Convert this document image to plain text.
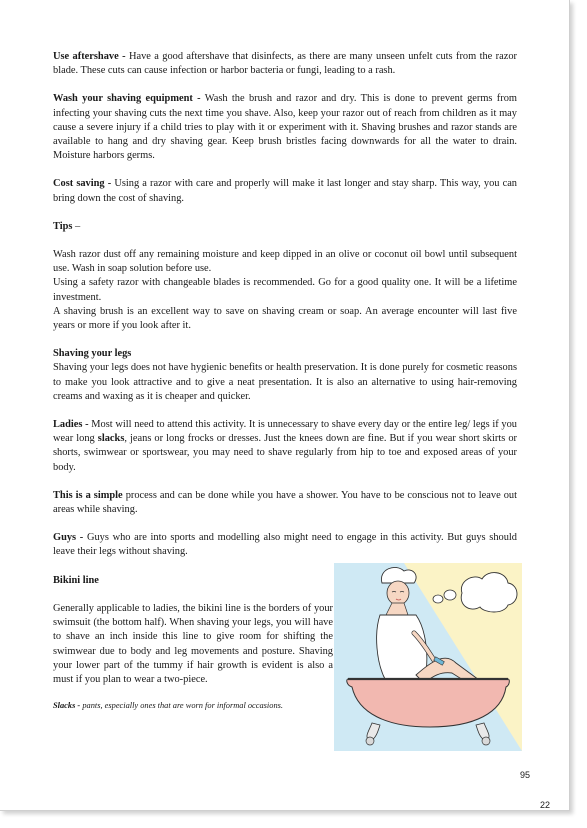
Use aftershave - Have a good aftershave that disinfects, as there are many unseen unfelt cuts from the razor blade. These cuts can cause infection or harbor bacteria or fungi, leading to a rash.

Wash your shaving equipment - Wash the brush and razor and dry. This is done to prevent germs from infecting your shaving cuts the next time you shave. Also, keep your razor out of reach from children as it may cause a severe injury if a child tries to play with it or experiment with it. Shaving brushes and razor stands are available to hang and dry shaving gear. Keep brush bristles facing downwards for all the water to drain. Moisture harbors germs.

Cost saving - Using a razor with care and properly will make it last longer and stay sharp. This way, you can bring down the cost of shaving.

Tips –

Wash razor dust off any remaining moisture and keep dipped in an olive or coconut oil bowl until subsequent use. Wash in soap solution before use.

Using a safety razor with changeable blades is recommended. Go for a good quality one. It will be a lifetime investment.

A shaving brush is an excellent way to save on shaving cream or soap. An average encounter will last five years or more if you look after it.

Shaving your legs

Shaving your legs does not have hygienic benefits or health preservation. It is done purely for cosmetic reasons to make you look attractive and to give a neat presentation. It is also an alternative to using hair-removing creams and waxing as it is cheaper and quicker.

Ladies - Most will need to attend this activity. It is unnecessary to shave every day or the entire leg/ legs if you wear long slacks, jeans or long frocks or dresses. Just the knees down are fine. But if you wear short skirts or shorts, swimwear or sportswear, you may need to shave regularly from hip to toe and exposed areas of your body.

This is a simple process and can be done while you have a shower. You have to be conscious not to leave out areas while shaving.

Guys - Guys who are into sports and modelling also might need to engage in this activity. But guys should leave their legs without shaving.

Bikini line

Generally applicable to ladies, the bikini line is the borders of your swimsuit (the bottom half). When shaving your legs, you will have to shave an inch inside this line to give room for shifting the swimwear due to body and leg movements and posture. Shaving your lower part of the tummy if hair growth is evident is also a must if you plan to wear a two-piece.

Slacks - pants, especially ones that are worn for informal occasions.

95
22
